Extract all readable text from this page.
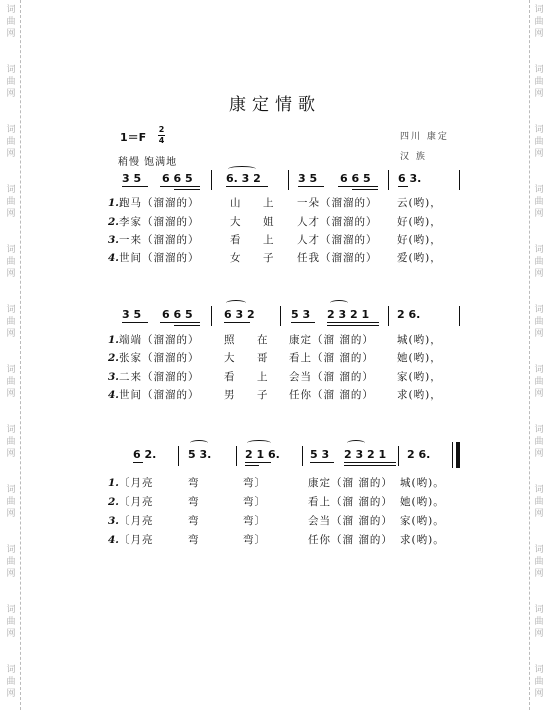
词
曲
网
词
曲
网
词
曲
网
词
曲
网
词
曲
网
词
曲
网
词
曲
网
词
曲
网
词
曲
网
词
曲
网
词
曲
网
词
曲
网
词
曲
网
词
曲
网
词
曲
网
词
曲
网
词
曲
网
词
曲
网
词
曲
网
词
曲
网
词
曲
网
词
曲
网
词
曲
网
词
曲
网
康定情歌
1＝F
2
4
稍慢 饱满地
四川 康定
汉 族
3 5 6 6 5	6. 3 2	3 5 6 6 5 6 3.
1.跑马（溜溜的）	山 上 一朵（溜溜的） 云(哟)，
2.李家（溜溜的）	大 姐 人才（溜溜的） 好(哟)，
3.一来（溜溜的）	看 上 人才（溜溜的） 好(哟)，
4.世间（溜溜的）	女 子 任我（溜溜的） 爱(哟)，
3 5 6 6 5	6 3 2	5 3 2 3 2 1	2 6.
1.端端（溜溜的） 照 在 康定（溜 溜的） 城(哟)，
2.张家（溜溜的） 大 哥 看上（溜 溜的） 她(哟)，
3.二来（溜溜的） 看 上 会当（溜 溜的） 家(哟)，
4.世间（溜溜的） 男 子 任你（溜 溜的） 求(哟)，
6 2.	5 3.	2 1 6.	5 3 2 3 2 1 2 6.
1.〔月亮	弯	弯〕	康定（溜 溜的） 城(哟)。
2.〔月亮	弯	弯〕	看上（溜 溜的） 她(哟)。
3.〔月亮	弯	弯〕	会当（溜 溜的） 家(哟)。
4.〔月亮	弯	弯〕	任你（溜 溜的） 求(哟)。
